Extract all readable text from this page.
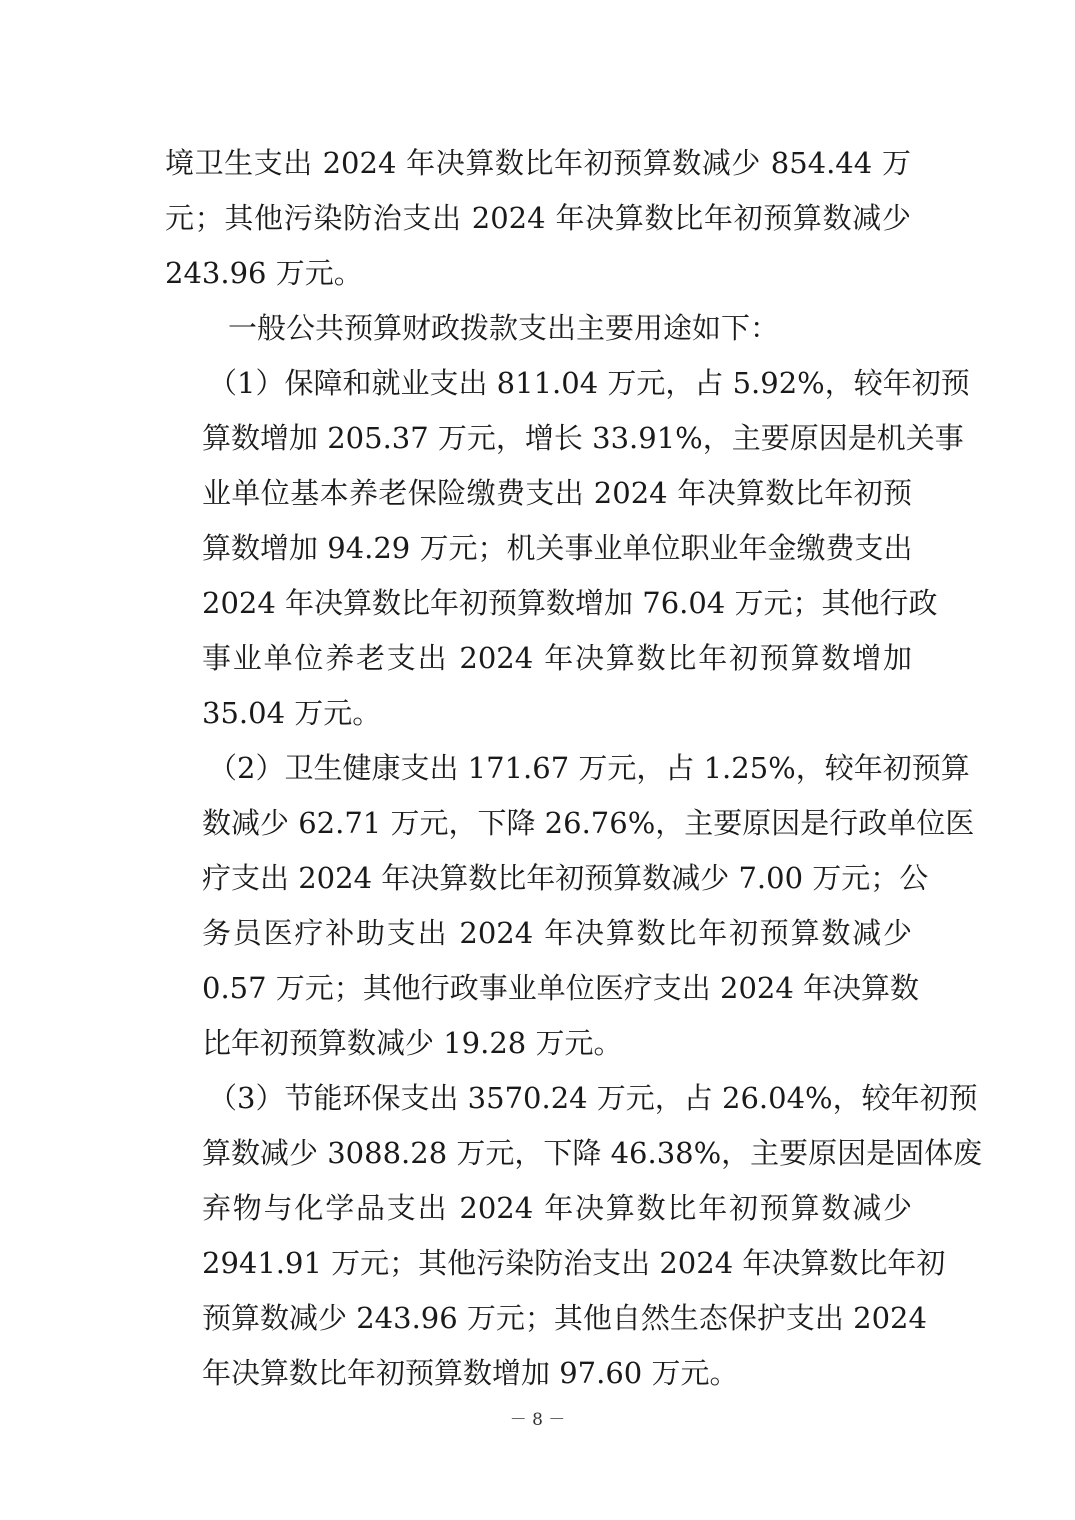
境卫生支出 2024 年决算数比年初预算数减少 854.44 万
元；其他污染防治支出 2024 年决算数比年初预算数减少
243.96 万元。
一般公共预算财政拨款支出主要用途如下：
（1）保障和就业支出 811.04 万元，占 5.92%，较年初预
算数增加 205.37 万元，增长 33.91%，主要原因是机关事
业单位基本养老保险缴费支出 2024 年决算数比年初预
算数增加 94.29 万元；机关事业单位职业年金缴费支出
2024 年决算数比年初预算数增加 76.04 万元；其他行政
事业单位养老支出 2024 年决算数比年初预算数增加
35.04 万元。
（2）卫生健康支出 171.67 万元，占 1.25%，较年初预算
数减少 62.71 万元，下降 26.76%，主要原因是行政单位医
疗支出 2024 年决算数比年初预算数减少 7.00 万元；公
务员医疗补助支出 2024 年决算数比年初预算数减少
0.57 万元；其他行政事业单位医疗支出 2024 年决算数
比年初预算数减少 19.28 万元。
（3）节能环保支出 3570.24 万元，占 26.04%，较年初预
算数减少 3088.28 万元，下降 46.38%，主要原因是固体废
弃物与化学品支出 2024 年决算数比年初预算数减少
2941.91 万元；其他污染防治支出 2024 年决算数比年初
预算数减少 243.96 万元；其他自然生态保护支出 2024
年决算数比年初预算数增加 97.60 万元。
－ 8 －
